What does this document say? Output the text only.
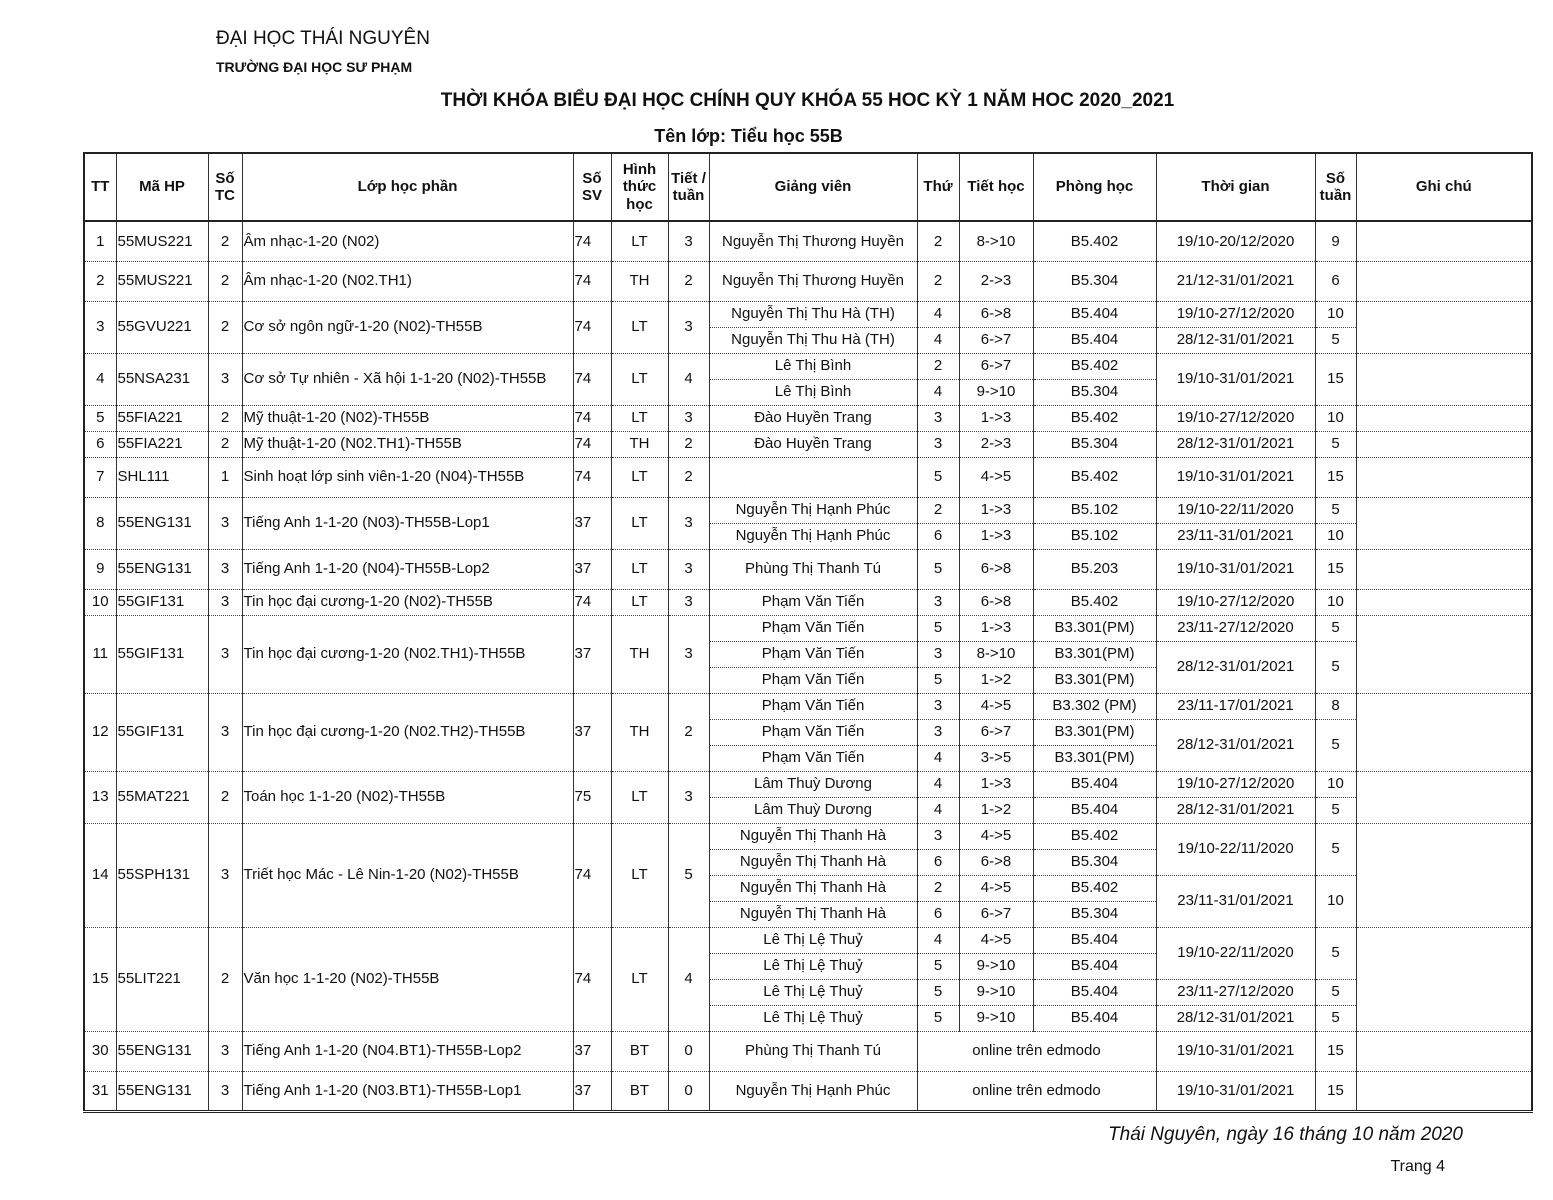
ĐẠI HỌC THÁI NGUYÊN
TRƯỜNG ĐẠI HỌC SƯ PHẠM
THỜI KHÓA BIỂU ĐẠI HỌC CHÍNH QUY KHÓA 55 HOC KỲ 1 NĂM HOC 2020_2021
Tên lớp: Tiểu học 55B
TT	Mã HP	Số TC	Lớp học phần	Số SV	Hình thức học	Tiết / tuần	Giảng viên	Thứ	Tiết học	Phòng học	Thời gian	Số tuần	Ghi chú
1	55MUS221	2	Âm nhạc-1-20 (N02)	74	LT	3	Nguyễn Thị Thương Huyền	2	8->10	B5.402	19/10-20/12/2020	9	
2	55MUS221	2	Âm nhạc-1-20 (N02.TH1)	74	TH	2	Nguyễn Thị Thương Huyền	2	2->3	B5.304	21/12-31/01/2021	6	
3	55GVU221	2	Cơ sở ngôn ngữ-1-20 (N02)-TH55B	74	LT	3	Nguyễn Thị Thu Hà (TH)	4	6->8	B5.404	19/10-27/12/2020	10	
							Nguyễn Thị Thu Hà (TH)	4	6->7	B5.404	28/12-31/01/2021	5	
4	55NSA231	3	Cơ sở Tự nhiên - Xã hội 1-1-20 (N02)-TH55B	74	LT	4	Lê Thị Bình	2	6->7	B5.402	19/10-31/01/2021	15	
							Lê Thị Bình	4	9->10	B5.304			
5	55FIA221	2	Mỹ thuật-1-20 (N02)-TH55B	74	LT	3	Đào Huyền Trang	3	1->3	B5.402	19/10-27/12/2020	10	
6	55FIA221	2	Mỹ thuật-1-20 (N02.TH1)-TH55B	74	TH	2	Đào Huyền Trang	3	2->3	B5.304	28/12-31/01/2021	5	
7	SHL111	1	Sinh hoạt lớp sinh viên-1-20 (N04)-TH55B	74	LT	2		5	4->5	B5.402	19/10-31/01/2021	15	
8	55ENG131	3	Tiếng Anh 1-1-20 (N03)-TH55B-Lop1	37	LT	3	Nguyễn Thị Hạnh Phúc	2	1->3	B5.102	19/10-22/11/2020	5	
							Nguyễn Thị Hạnh Phúc	6	1->3	B5.102	23/11-31/01/2021	10	
9	55ENG131	3	Tiếng Anh 1-1-20 (N04)-TH55B-Lop2	37	LT	3	Phùng Thị Thanh Tú	5	6->8	B5.203	19/10-31/01/2021	15	
10	55GIF131	3	Tin học đại cương-1-20 (N02)-TH55B	74	LT	3	Phạm Văn Tiến	3	6->8	B5.402	19/10-27/12/2020	10	
11	55GIF131	3	Tin học đại cương-1-20 (N02.TH1)-TH55B	37	TH	3	Phạm Văn Tiến	5	1->3	B3.301(PM)	23/11-27/12/2020	5	
							Phạm Văn Tiến	3	8->10	B3.301(PM)	28/12-31/01/2021	5	
							Phạm Văn Tiến	5	1->2	B3.301(PM)			
12	55GIF131	3	Tin học đại cương-1-20 (N02.TH2)-TH55B	37	TH	2	Phạm Văn Tiến	3	4->5	B3.302 (PM)	23/11-17/01/2021	8	
							Phạm Văn Tiến	3	6->7	B3.301(PM)	28/12-31/01/2021	5	
							Phạm Văn Tiến	4	3->5	B3.301(PM)			
13	55MAT221	2	Toán học 1-1-20 (N02)-TH55B	75	LT	3	Lâm Thuỳ Dương	4	1->3	B5.404	19/10-27/12/2020	10	
							Lâm Thuỳ Dương	4	1->2	B5.404	28/12-31/01/2021	5	
14	55SPH131	3	Triết học Mác - Lê Nin-1-20 (N02)-TH55B	74	LT	5	Nguyễn Thị Thanh Hà	3	4->5	B5.402	19/10-22/11/2020	5	
							Nguyễn Thị Thanh Hà	6	6->8	B5.304			
							Nguyễn Thị Thanh Hà	2	4->5	B5.402	23/11-31/01/2021	10	
							Nguyễn Thị Thanh Hà	6	6->7	B5.304			
15	55LIT221	2	Văn học 1-1-20 (N02)-TH55B	74	LT	4	Lê Thị Lệ Thuỷ	4	4->5	B5.404	19/10-22/11/2020	5	
							Lê Thị Lệ Thuỷ	5	9->10	B5.404			
							Lê Thị Lệ Thuỷ	5	9->10	B5.404	23/11-27/12/2020	5	
							Lê Thị Lệ Thuỷ	5	9->10	B5.404	28/12-31/01/2021	5	
30	55ENG131	3	Tiếng Anh 1-1-20 (N04.BT1)-TH55B-Lop2	37	BT	0	Phùng Thị Thanh Tú	online trên edmodo			19/10-31/01/2021	15	
31	55ENG131	3	Tiếng Anh 1-1-20 (N03.BT1)-TH55B-Lop1	37	BT	0	Nguyễn Thị Hạnh Phúc	online trên edmodo			19/10-31/01/2021	15	
Thái Nguyên, ngày 16 tháng 10 năm 2020
Trang 4
